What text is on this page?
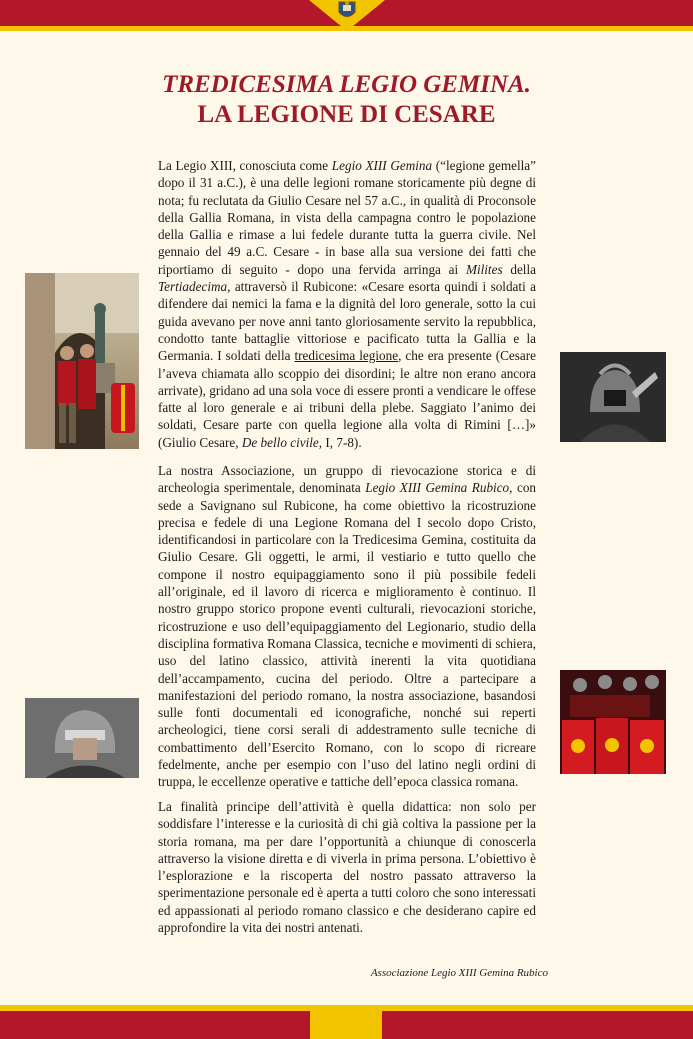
TREDICESIMA LEGIO GEMINA.
LA LEGIONE DI CESARE

La Legio XIII, conosciuta come Legio XIII Gemina (“legione gemella” dopo il 31 a.C.), è una delle legioni romane storicamente più degne di nota; fu reclutata da Giulio Cesare nel 57 a.C., in qualità di Proconsole della Gallia Romana, in vista della campagna contro le popolazione della Gallia e rimase a lui fedele durante tutta la guerra civile. Nel gennaio del 49 a.C. Cesare - in base alla sua versione dei fatti che riportiamo di seguito - dopo una fervida arringa ai Milites della Tertiadecima, attraversò il Rubicone: «Cesare esorta quindi i soldati a difendere dai nemici la fama e la dignità del loro generale, sotto la cui guida avevano per nove anni tanto gloriosamente servito la repubblica, condotto tante battaglie vittoriose e pacificato tutta la Gallia e la Germania. I soldati della tredicesima legione, che era presente (Cesare l’aveva chiamata allo scoppio dei disordini; le altre non erano ancora arrivate), gridano ad una sola voce di essere pronti a vendicare le offese fatte al loro generale e ai tribuni della plebe. Saggiato l’animo dei soldati, Cesare parte con quella legione alla volta di Rimini […]» (Giulio Cesare, De bello civile, I, 7-8).

La nostra Associazione, un gruppo di rievocazione storica e di archeologia sperimentale, denominata Legio XIII Gemina Rubico, con sede a Savignano sul Rubicone, ha come obiettivo la ricostruzione precisa e fedele di una Legione Romana del I secolo dopo Cristo, identificandosi in particolare con la Tredicesima Gemina, costituita da Giulio Cesare. Gli oggetti, le armi, il vestiario e tutto quello che compone il nostro equipaggiamento sono il più possibile fedeli all’originale, ed il lavoro di ricerca e miglioramento è continuo. Il nostro gruppo storico propone eventi culturali, rievocazioni storiche, ricostruzione e uso dell’equipaggiamento del Legionario, studio della disciplina formativa Romana Classica, tecniche e movimenti di schiera, uso del latino classico, attività inerenti la vita quotidiana dell’accampamento, cucina del periodo. Oltre a partecipare a manifestazioni del periodo romano, la nostra associazione, basandosi sulle fonti documentali ed iconografiche, nonché sui reperti archeologici, tiene corsi serali di addestramento sulle tecniche di combattimento dell’Esercito Romano, con lo scopo di ricreare fedelmente, anche per esempio con l’uso del latino negli ordini di truppa, le eccellenze operative e tattiche dell’epoca classica romana.

La finalità principe dell’attività è quella didattica: non solo per soddisfare l’interesse e la curiosità di chi già coltiva la passione per la storia romana, ma per dare l’opportunità a chiunque di conoscerla attraverso la visione diretta e di viverla in prima persona. L’obiettivo è l’esplorazione e la riscoperta del nostro passato attraverso la sperimentazione personale ed è aperta a tutti coloro che sono interessati ed appassionati al periodo romano classico e che desiderano capire ed approfondire la vita dei nostri antenati.

Associazione Legio XIII Gemina Rubico
